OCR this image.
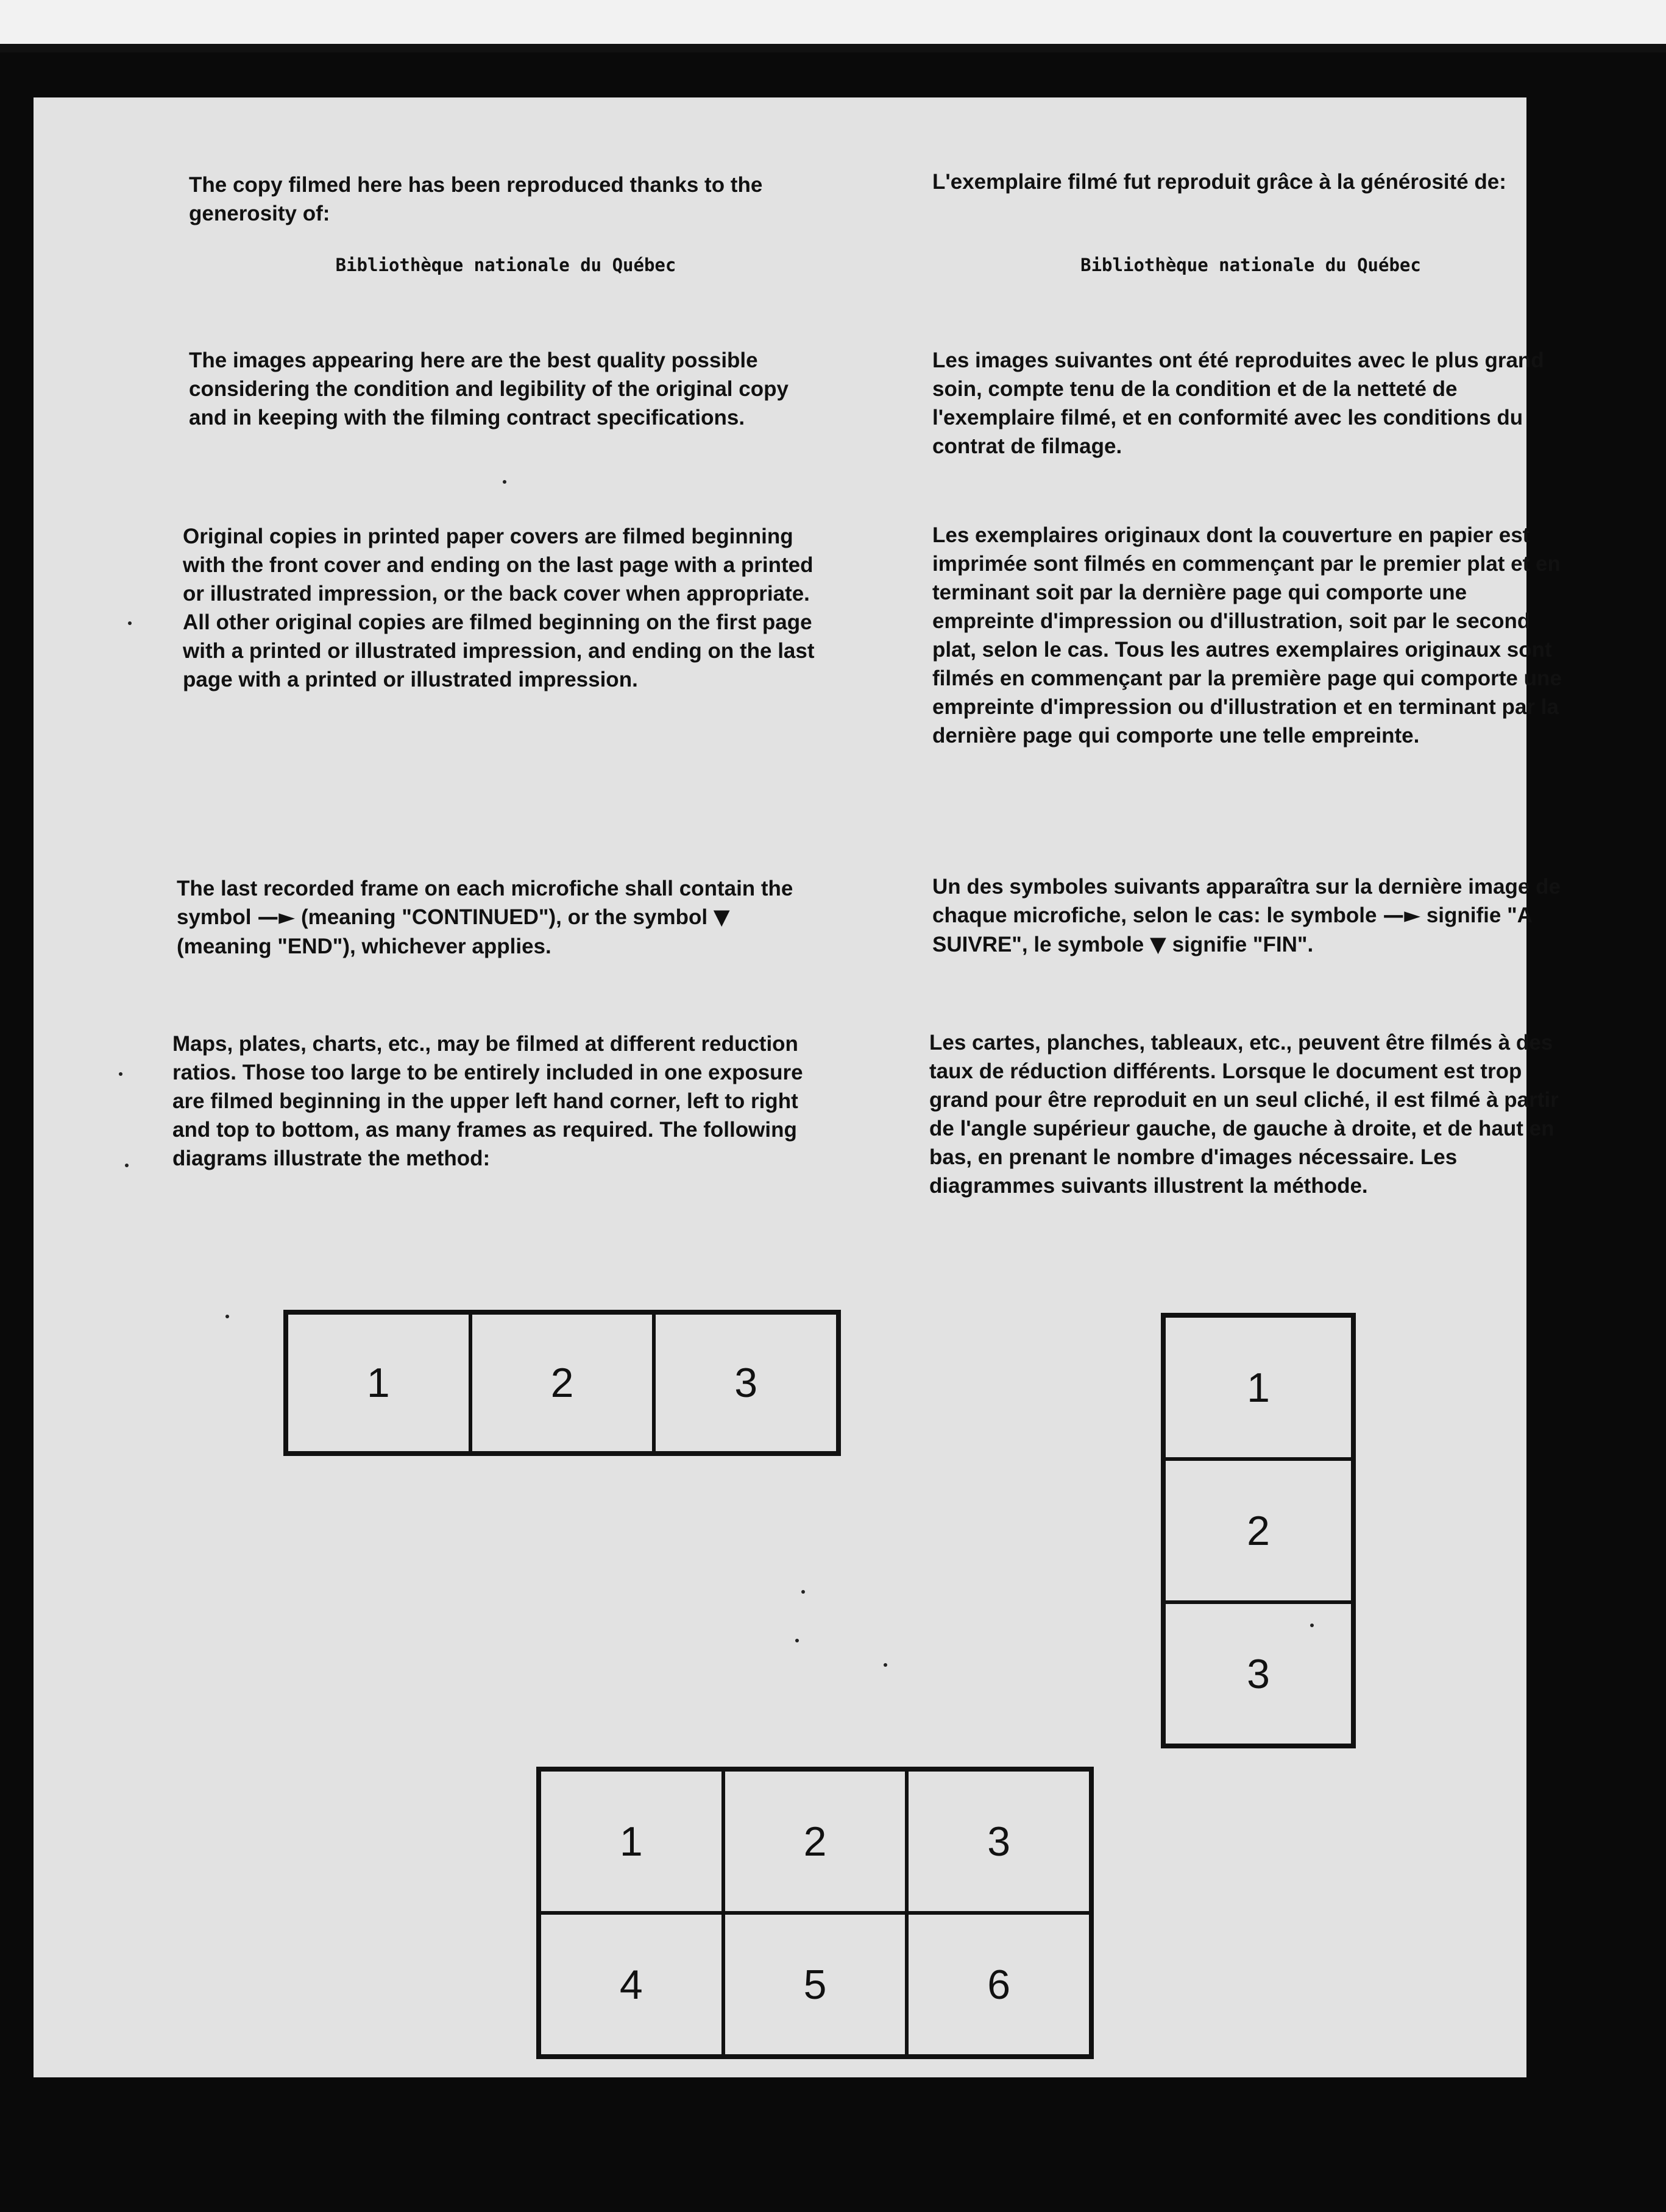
The copy filmed here has been reproduced thanks to the generosity of:

Bibliothèque nationale du Québec

The images appearing here are the best quality possible considering the condition and legibility of the original copy and in keeping with the filming contract specifications.

Original copies in printed paper covers are filmed beginning with the front cover and ending on the last page with a printed or illustrated impression, or the back cover when appropriate. All other original copies are filmed beginning on the first page with a printed or illustrated impression, and ending on the last page with a printed or illustrated impression.

The last recorded frame on each microfiche shall contain the symbol —► (meaning "CONTINUED"), or the symbol ▼ (meaning "END"), whichever applies.

Maps, plates, charts, etc., may be filmed at different reduction ratios. Those too large to be entirely included in one exposure are filmed beginning in the upper left hand corner, left to right and top to bottom, as many frames as required. The following diagrams illustrate the method:

L'exemplaire filmé fut reproduit grâce à la générosité de:

Bibliothèque nationale du Québec

Les images suivantes ont été reproduites avec le plus grand soin, compte tenu de la condition et de la netteté de l'exemplaire filmé, et en conformité avec les conditions du contrat de filmage.

Les exemplaires originaux dont la couverture en papier est imprimée sont filmés en commençant par le premier plat et en terminant soit par la dernière page qui comporte une empreinte d'impression ou d'illustration, soit par le second plat, selon le cas. Tous les autres exemplaires originaux sont filmés en commençant par la première page qui comporte une empreinte d'impression ou d'illustration et en terminant par la dernière page qui comporte une telle empreinte.

Un des symboles suivants apparaîtra sur la dernière image de chaque microfiche, selon le cas: le symbole —► signifie "A SUIVRE", le symbole ▼ signifie "FIN".

Les cartes, planches, tableaux, etc., peuvent être filmés à des taux de réduction différents. Lorsque le document est trop grand pour être reproduit en un seul cliché, il est filmé à partir de l'angle supérieur gauche, de gauche à droite, et de haut en bas, en prenant le nombre d'images nécessaire. Les diagrammes suivants illustrent la méthode.

1	2	3	1
2
3
1	2	3
4	5	6
